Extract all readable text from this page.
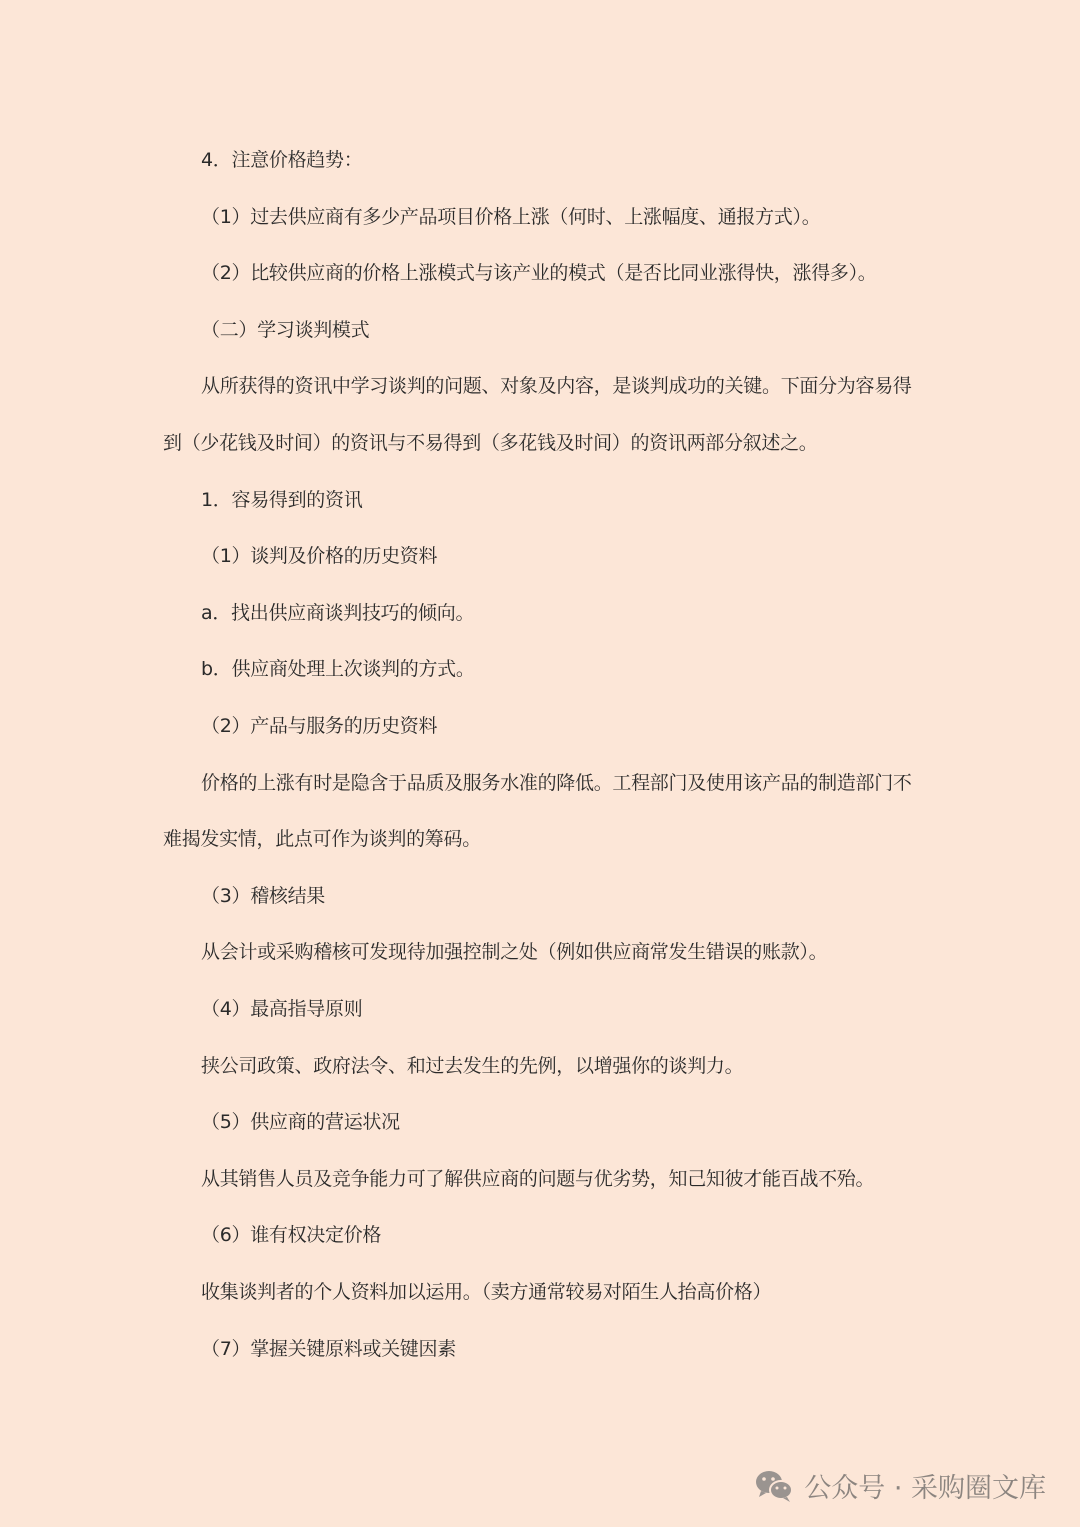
4．注意价格趋势：
（1）过去供应商有多少产品项目价格上涨（何时、上涨幅度、通报方式）。
（2）比较供应商的价格上涨模式与该产业的模式（是否比同业涨得快，涨得多）。
（二）学习谈判模式
从所获得的资讯中学习谈判的问题、对象及内容，是谈判成功的关键。下面分为容易得
到（少花钱及时间）的资讯与不易得到（多花钱及时间）的资讯两部分叙述之。
1．容易得到的资讯
（1）谈判及价格的历史资料
a．找出供应商谈判技巧的倾向。
b．供应商处理上次谈判的方式。
（2）产品与服务的历史资料
价格的上涨有时是隐含于品质及服务水准的降低。工程部门及使用该产品的制造部门不
难揭发实情，此点可作为谈判的筹码。
（3）稽核结果
从会计或采购稽核可发现待加强控制之处（例如供应商常发生错误的账款）。
（4）最高指导原则
挟公司政策、政府法令、和过去发生的先例，以增强你的谈判力。
（5）供应商的营运状况
从其销售人员及竞争能力可了解供应商的问题与优劣势，知己知彼才能百战不殆。
（6）谁有权决定价格
收集谈判者的个人资料加以运用。（卖方通常较易对陌生人抬高价格）
（7）掌握关键原料或关键因素
公众号 · 采购圈文库
